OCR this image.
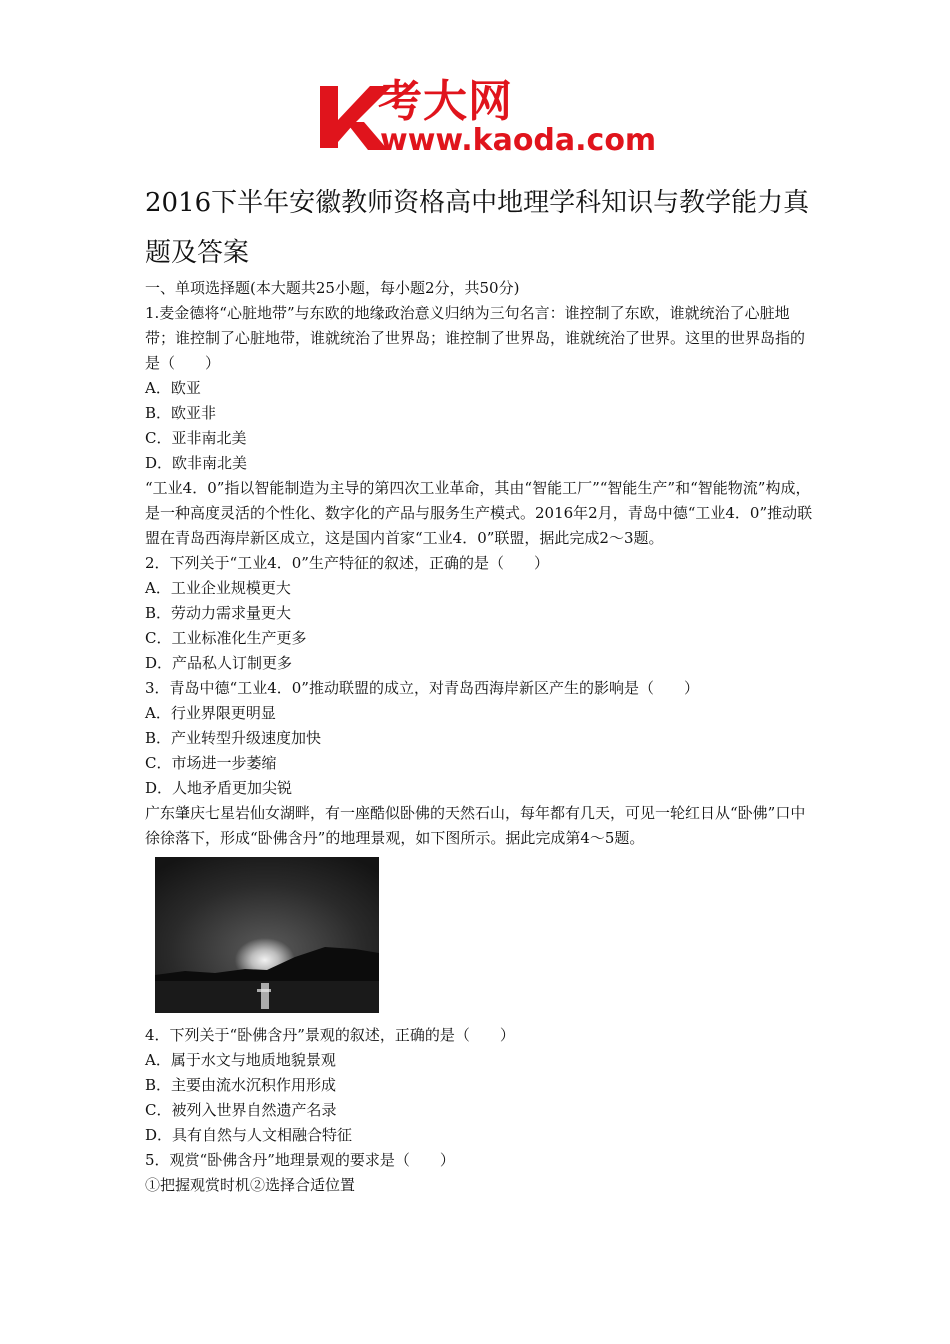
考大网
www.kaoda.com
2016下半年安徽教师资格高中地理学科知识与教学能力真题及答案

一、单项选择题(本大题共25小题，每小题2分，共50分)

1.麦金德将“心脏地带”与东欧的地缘政治意义归纳为三句名言：谁控制了东欧，谁就统治了心脏地带；谁控制了心脏地带，谁就统治了世界岛；谁控制了世界岛，谁就统治了世界。这里的世界岛指的是（　　）

A．欧亚

B．欧亚非

C．亚非南北美

D．欧非南北美

“工业4．0”指以智能制造为主导的第四次工业革命，其由“智能工厂”“智能生产”和“智能物流”构成，是一种高度灵活的个性化、数字化的产品与服务生产模式。2016年2月，青岛中德“工业4．0”推动联盟在青岛西海岸新区成立，这是国内首家“工业4．0”联盟，据此完成2～3题。

2．下列关于“工业4．0”生产特征的叙述，正确的是（　　）

A．工业企业规模更大

B．劳动力需求量更大

C．工业标准化生产更多

D．产品私人订制更多

3．青岛中德“工业4．0”推动联盟的成立，对青岛西海岸新区产生的影响是（　　）

A．行业界限更明显

B．产业转型升级速度加快

C．市场进一步萎缩

D．人地矛盾更加尖锐

广东肇庆七星岩仙女湖畔，有一座酷似卧佛的天然石山，每年都有几天，可见一轮红日从“卧佛”口中徐徐落下，形成“卧佛含丹”的地理景观，如下图所示。据此完成第4～5题。

4．下列关于“卧佛含丹”景观的叙述，正确的是（　　）

A．属于水文与地质地貌景观

B．主要由流水沉积作用形成

C．被列入世界自然遗产名录

D．具有自然与人文相融合特征

5．观赏“卧佛含丹”地理景观的要求是（　　）

①把握观赏时机②选择合适位置
